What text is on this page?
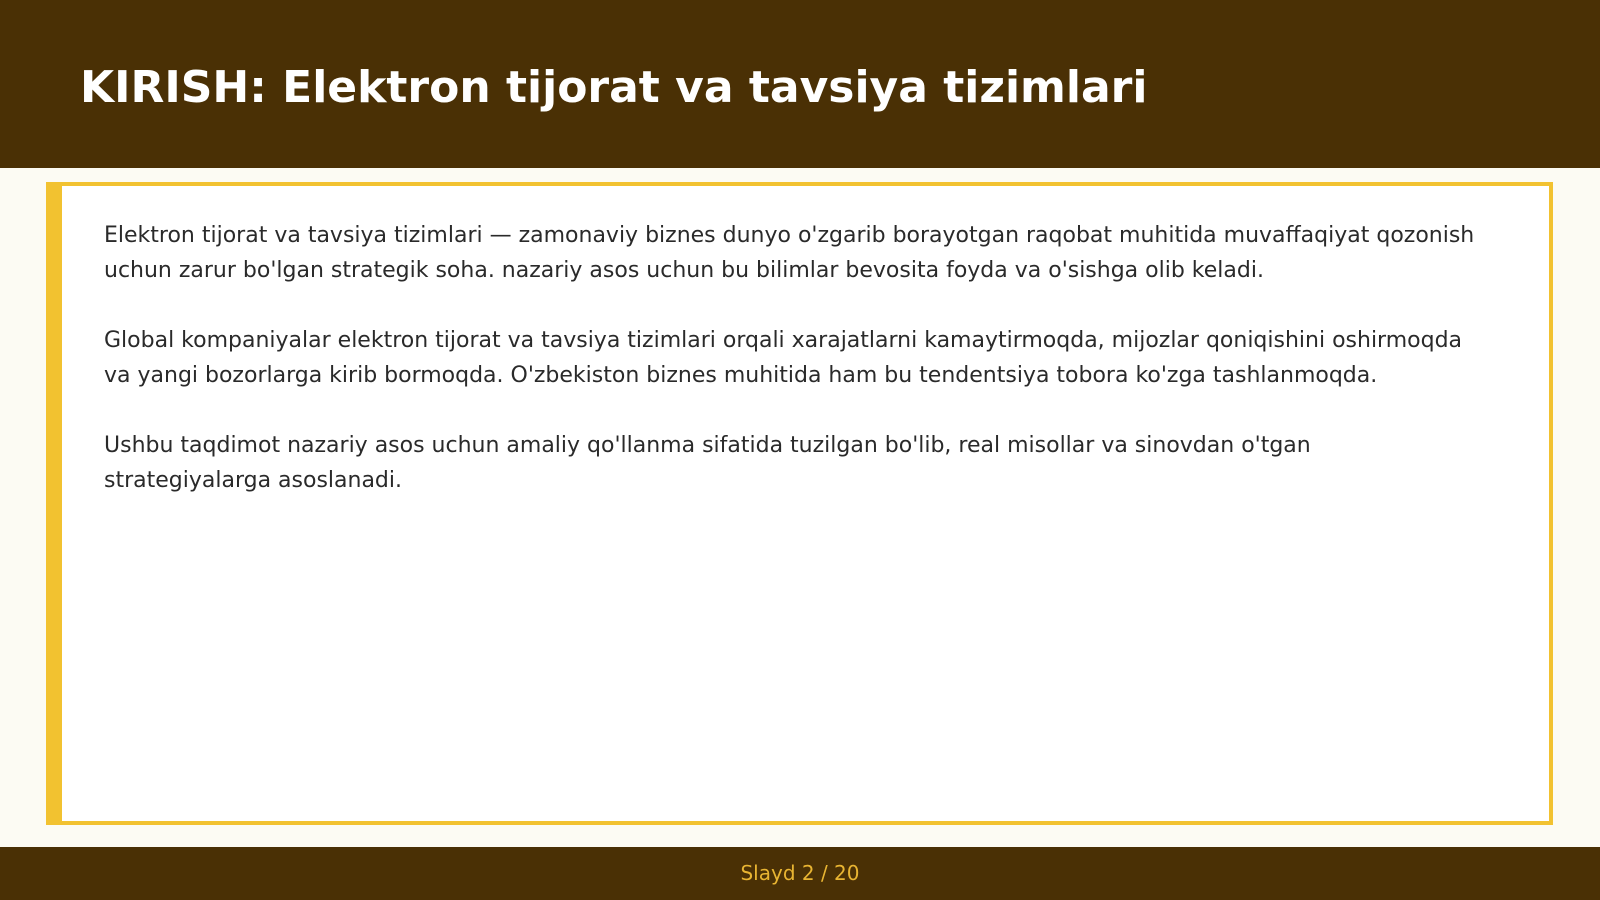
KIRISH: Elektron tijorat va tavsiya tizimlari

Elektron tijorat va tavsiya tizimlari — zamonaviy biznes dunyo o'zgarib borayotgan raqobat muhitida muvaffaqiyat qozonish uchun zarur bo'lgan strategik soha. nazariy asos uchun bu bilimlar bevosita foyda va o'sishga olib keladi.

Global kompaniyalar elektron tijorat va tavsiya tizimlari orqali xarajatlarni kamaytirmoqda, mijozlar qoniqishini oshirmoqda va yangi bozorlarga kirib bormoqda. O'zbekiston biznes muhitida ham bu tendentsiya tobora ko'zga tashlanmoqda.

Ushbu taqdimot nazariy asos uchun amaliy qo'llanma sifatida tuzilgan bo'lib, real misollar va sinovdan o'tgan strategiyalarga asoslanadi.

Slayd 2 / 20
